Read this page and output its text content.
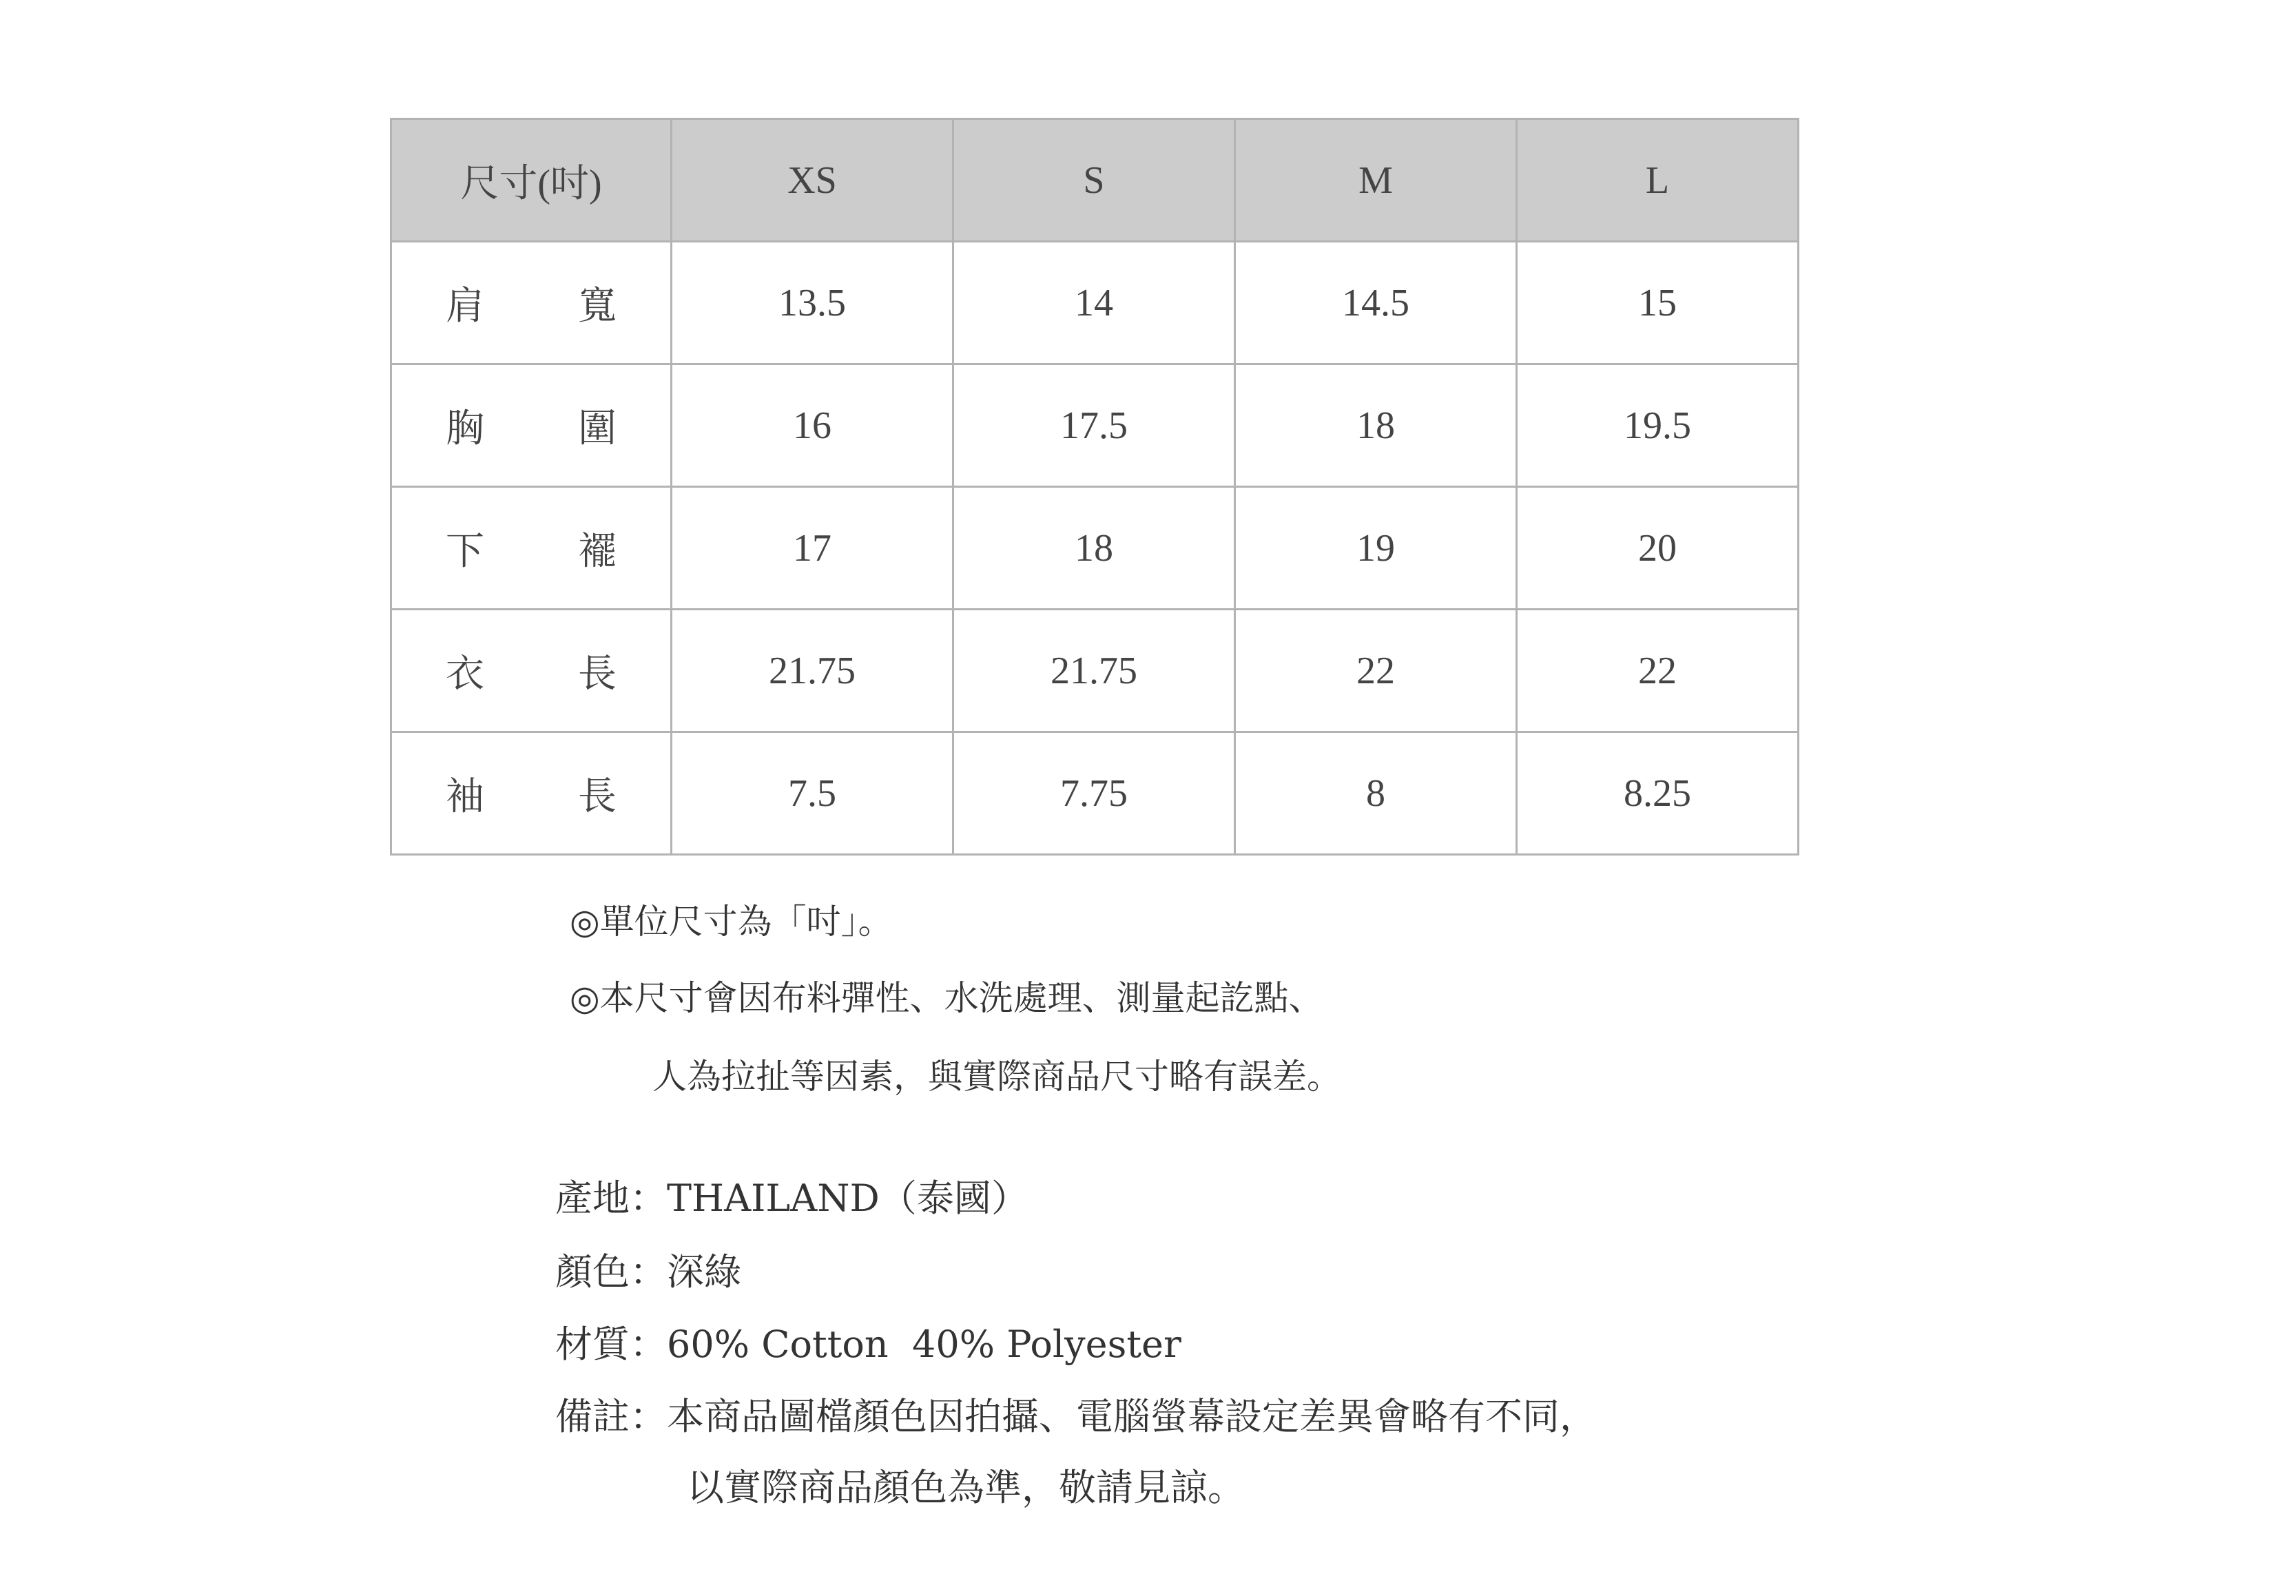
尺寸(吋)	XS	S	M	L

肩 寬	13.5	14	14.5	15

胸 圍	16	17.5	18	19.5

下 襬	17	18	19	20

衣 長	21.75	21.75	22	22

袖 長	7.5	7.75	8	8.25
◎單位尺寸為「吋」。
◎本尺寸會因布料彈性、水洗處理、測量起訖點、
人為拉扯等因素，與實際商品尺寸略有誤差。
產地：THAILAND（泰國）
顏色：深綠
材質：60% Cotton  40% Polyester
備註：本商品圖檔顏色因拍攝、電腦螢幕設定差異會略有不同，
以實際商品顏色為準，敬請見諒。
